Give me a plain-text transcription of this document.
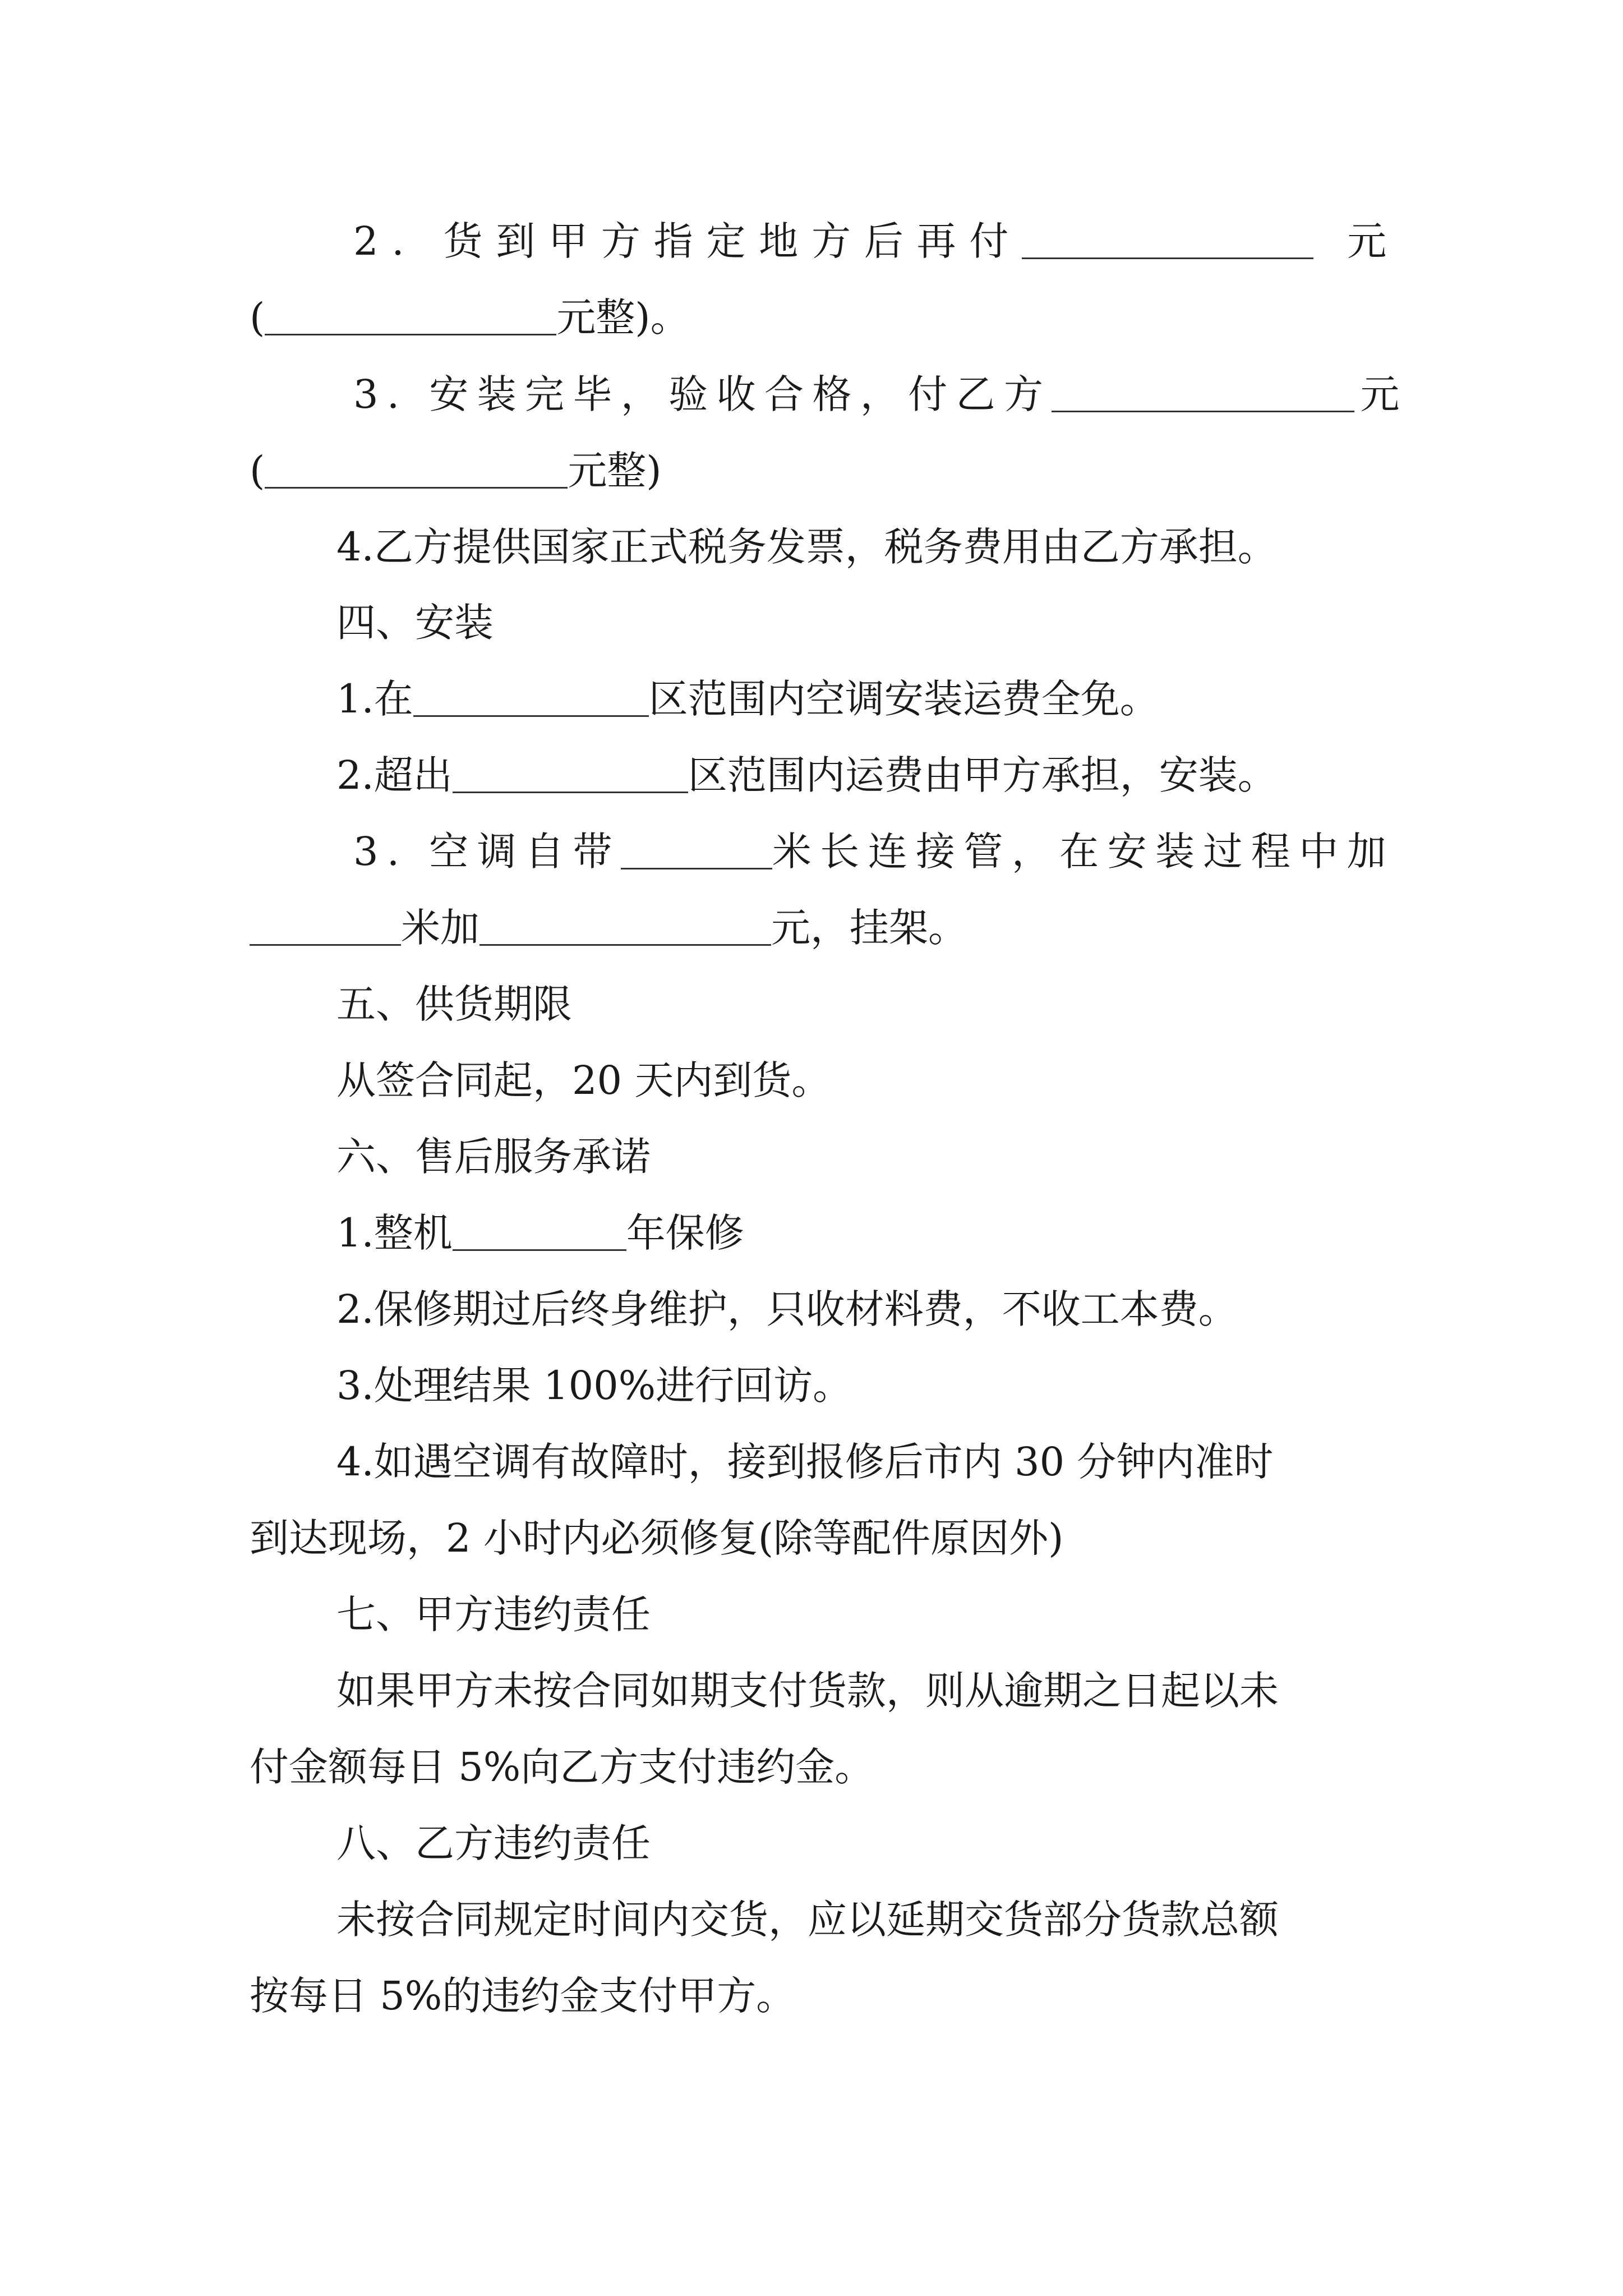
2. 货到甲方指定地方后再付	元
(	元整)。
3. 安装完毕，验收合格，付乙方	元
(	元整)
4.乙方提供国家正式税务发票，税务费用由乙方承担。
四、安装
1.在	区范围内空调安装运费全免。
2.超出	区范围内运费由甲方承担，安装。
3. 空调自带	米长连接管，在安装过程中加
米加	元，挂架。
五、供货期限
从签合同起，20 天内到货。
六、售后服务承诺
1.整机	年保修
2.保修期过后终身维护，只收材料费，不收工本费。
3.处理结果 100%进行回访。
4.如遇空调有故障时，接到报修后市内 30 分钟内准时
到达现场，2 小时内必须修复(除等配件原因外)
七、甲方违约责任
如果甲方未按合同如期支付货款，则从逾期之日起以未
付金额每日 5%向乙方支付违约金。
八、乙方违约责任
未按合同规定时间内交货，应以延期交货部分货款总额
按每日 5%的违约金支付甲方。
